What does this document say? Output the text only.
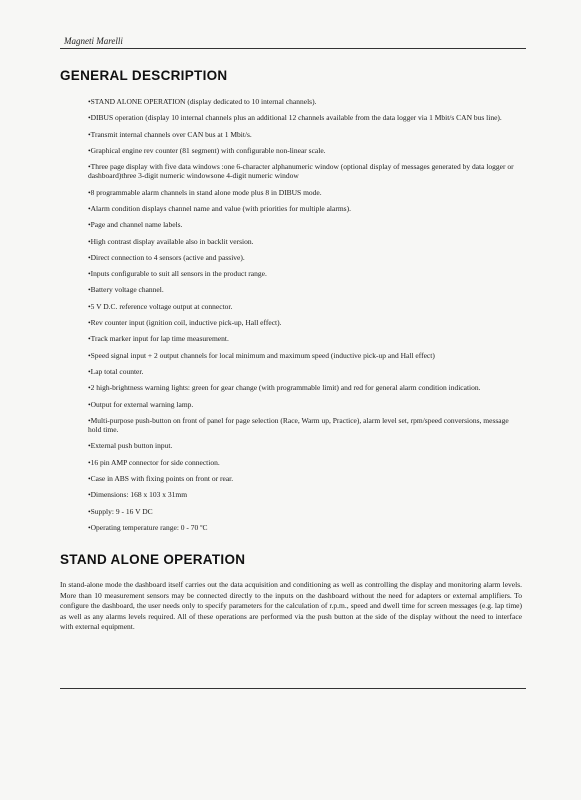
Magneti Marelli
GENERAL DESCRIPTION
•STAND ALONE OPERATION (display dedicated to 10 internal channels).
•DIBUS operation (display 10 internal channels plus an additional 12 channels available from the data logger via 1 Mbit/s CAN bus line).
•Transmit internal channels over CAN bus at 1 Mbit/s.
•Graphical engine rev counter (81 segment) with configurable non-linear scale.
•Three page display with five data windows :one 6-character alphanumeric window (optional display of messages generated by data logger or dashboard)three 3-digit numeric windowsone 4-digit numeric window
•8 programmable alarm channels in stand alone mode plus 8 in DIBUS mode.
•Alarm condition displays channel name and value (with priorities for multiple alarms).
•Page and channel name labels.
•High contrast display available also in backlit version.
•Direct connection to 4 sensors (active and passive).
•Inputs configurable to suit all sensors in the product range.
•Battery voltage channel.
•5 V D.C. reference voltage output at connector.
•Rev counter input (ignition coil, inductive pick-up, Hall effect).
•Track marker input for lap time measurement.
•Speed signal input + 2 output channels for local minimum and maximum speed (inductive pick-up and Hall effect)
•Lap total counter.
•2 high-brightness warning lights: green for gear change (with programmable limit) and red for general alarm condition indication.
•Output for external warning lamp.
•Multi-purpose push-button on front of panel for page selection (Race, Warm up, Practice), alarm level set, rpm/speed conversions, message hold time.
•External push button input.
•16 pin AMP connector for side connection.
•Case in ABS with fixing points on front or rear.
•Dimensions: 168 x 103 x 31mm
•Supply: 9 - 16 V DC
•Operating temperature range: 0 - 70 ºC
STAND ALONE OPERATION

In stand-alone mode the dashboard itself carries out the data acquisition and conditioning as well as controlling the display and monitoring alarm levels. More than 10 measurement sensors may be connected directly to the inputs on the dashboard without the need for adapters or external amplifiers. To configure the dashboard, the user needs only to specify parameters for the calculation of r.p.m., speed and dwell time for screen messages (e.g. lap time) as well as any alarms levels required. All of these operations are performed via the push button at the side of the display without the need to interface with external equipment.
